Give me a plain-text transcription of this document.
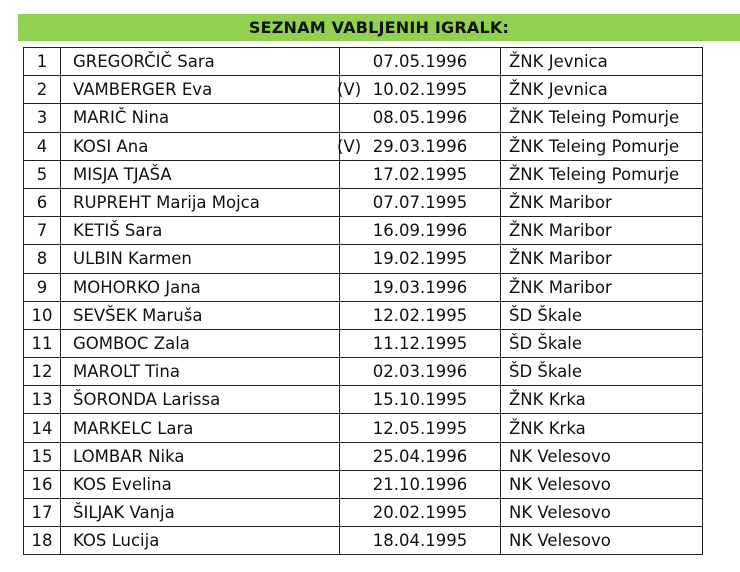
SEZNAM VABLJENIH IGRALK:
1	GREGORČIČ Sara	07.05.1996	ŽNK Jevnica
2	VAMBERGER Eva (V)	10.02.1995	ŽNK Jevnica
3	MARIČ Nina	08.05.1996	ŽNK Teleing Pomurje
4	KOSI Ana (V)	29.03.1996	ŽNK Teleing Pomurje
5	MISJA TJAŠA	17.02.1995	ŽNK Teleing Pomurje
6	RUPREHT Marija Mojca	07.07.1995	ŽNK Maribor
7	KETIŠ Sara	16.09.1996	ŽNK Maribor
8	ULBIN Karmen	19.02.1995	ŽNK Maribor
9	MOHORKO Jana	19.03.1996	ŽNK Maribor
10	SEVŠEK Maruša	12.02.1995	ŠD Škale
11	GOMBOC Zala	11.12.1995	ŠD Škale
12	MAROLT Tina	02.03.1996	ŠD Škale
13	ŠORONDA Larissa	15.10.1995	ŽNK Krka
14	MARKELC Lara	12.05.1995	ŽNK Krka
15	LOMBAR Nika	25.04.1996	NK Velesovo
16	KOS Evelina	21.10.1996	NK Velesovo
17	ŠILJAK Vanja	20.02.1995	NK Velesovo
18	KOS Lucija	18.04.1995	NK Velesovo
